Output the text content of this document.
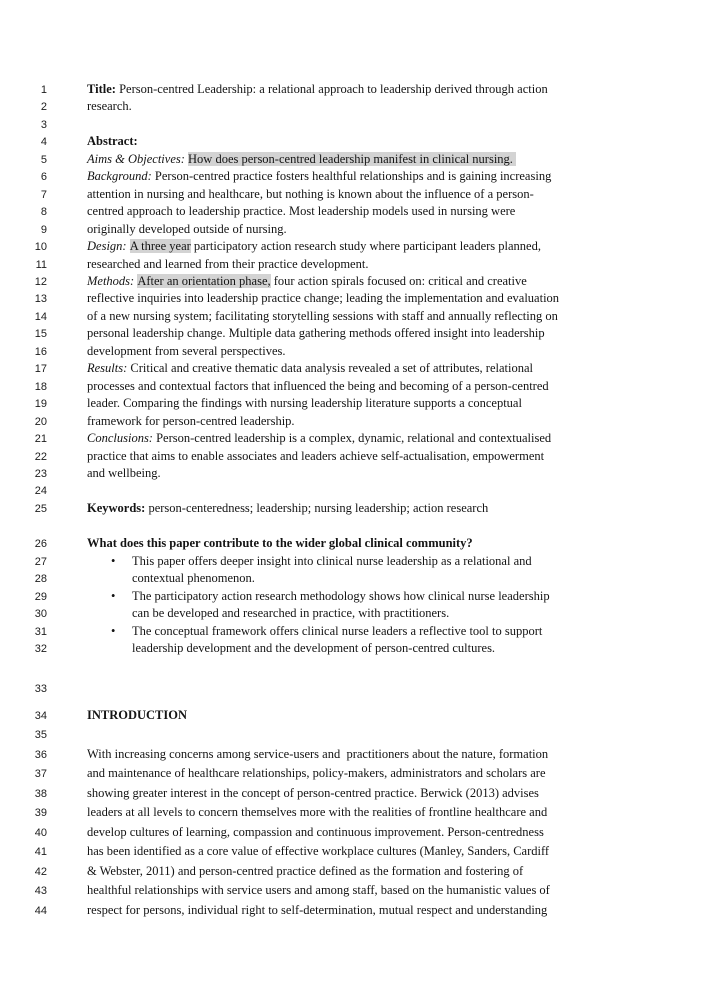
1	Title: Person-centred Leadership: a relational approach to leadership derived through action
2	research.
3

4	Abstract:
5	Aims & Objectives: How does person-centred leadership manifest in clinical nursing.
6	Background: Person-centred practice fosters healthful relationships and is gaining increasing
7	attention in nursing and healthcare, but nothing is known about the influence of a person-
8	centred approach to leadership practice. Most leadership models used in nursing were
9	originally developed outside of nursing.
10	Design: A three year participatory action research study where participant leaders planned,
11	researched and learned from their practice development.
12	Methods: After an orientation phase, four action spirals focused on: critical and creative
13	reflective inquiries into leadership practice change; leading the implementation and evaluation
14	of a new nursing system; facilitating storytelling sessions with staff and annually reflecting on
15	personal leadership change. Multiple data gathering methods offered insight into leadership
16	development from several perspectives.
17	Results: Critical and creative thematic data analysis revealed a set of attributes, relational
18	processes and contextual factors that influenced the being and becoming of a person-centred
19	leader. Comparing the findings with nursing leadership literature supports a conceptual
20	framework for person-centred leadership.
21	Conclusions: Person-centred leadership is a complex, dynamic, relational and contextualised
22	practice that aims to enable associates and leaders achieve self-actualisation, empowerment
23	and wellbeing.
24

25	Keywords: person-centeredness; leadership; nursing leadership; action research
26	What does this paper contribute to the wider global clinical community?
27	• This paper offers deeper insight into clinical nurse leadership as a relational and
28	contextual phenomenon.
29	• The participatory action research methodology shows how clinical nurse leadership
30	can be developed and researched in practice, with practitioners.
31	• The conceptual framework offers clinical nurse leaders a reflective tool to support
32	leadership development and the development of person-centred cultures.
33

34	INTRODUCTION
35

36	With increasing concerns among service-users and  practitioners about the nature, formation
37	and maintenance of healthcare relationships, policy-makers, administrators and scholars are
38	showing greater interest in the concept of person-centred practice. Berwick (2013) advises
39	leaders at all levels to concern themselves more with the realities of frontline healthcare and
40	develop cultures of learning, compassion and continuous improvement. Person-centredness
41	has been identified as a core value of effective workplace cultures (Manley, Sanders, Cardiff
42	& Webster, 2011) and person-centred practice defined as the formation and fostering of
43	healthful relationships with service users and among staff, based on the humanistic values of
44	respect for persons, individual right to self-determination, mutual respect and understanding
